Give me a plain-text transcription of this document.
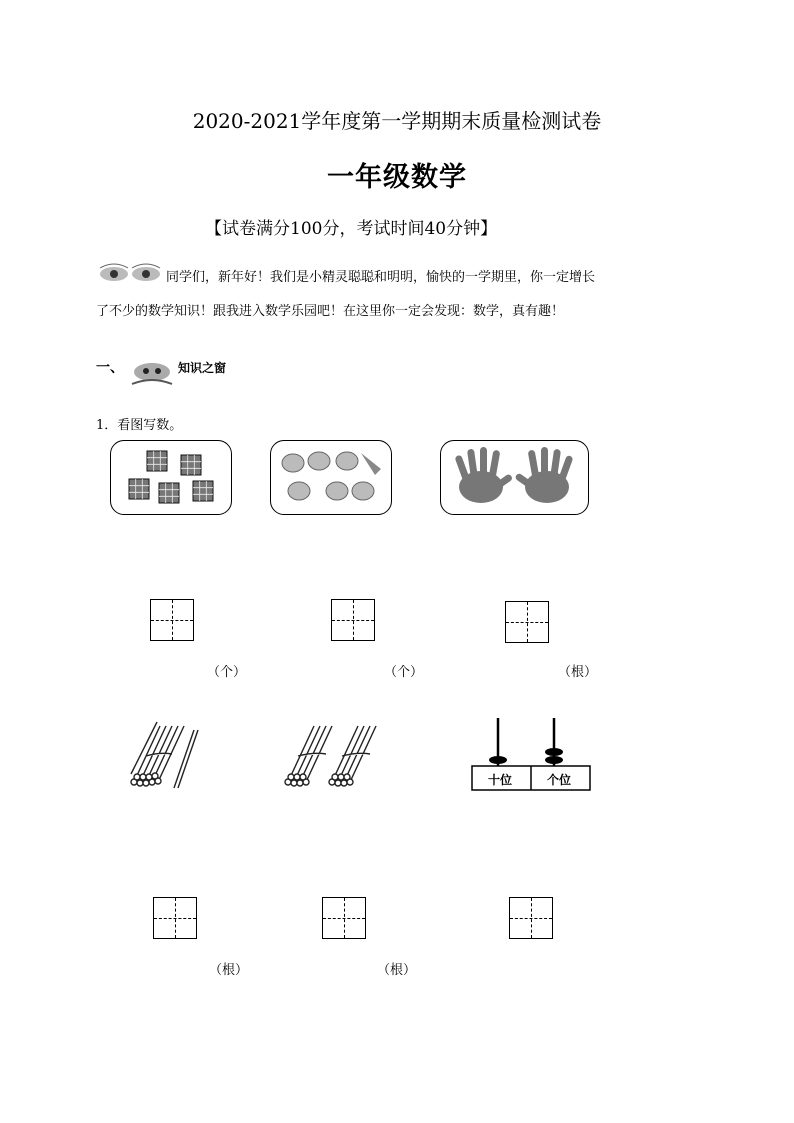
2020-2021学年度第一学期期末质量检测试卷
一年级数学
【试卷满分100分，考试时间40分钟】
同学们，新年好！我们是小精灵聪聪和明明，愉快的一学期里，你一定增长
了不少的数学知识！跟我进入数学乐园吧！在这里你一定会发现：数学，真有趣！
一、	知识之窗
1．看图写数。
（个）	（个）	（根）
十位	个位
（根）	（根）
